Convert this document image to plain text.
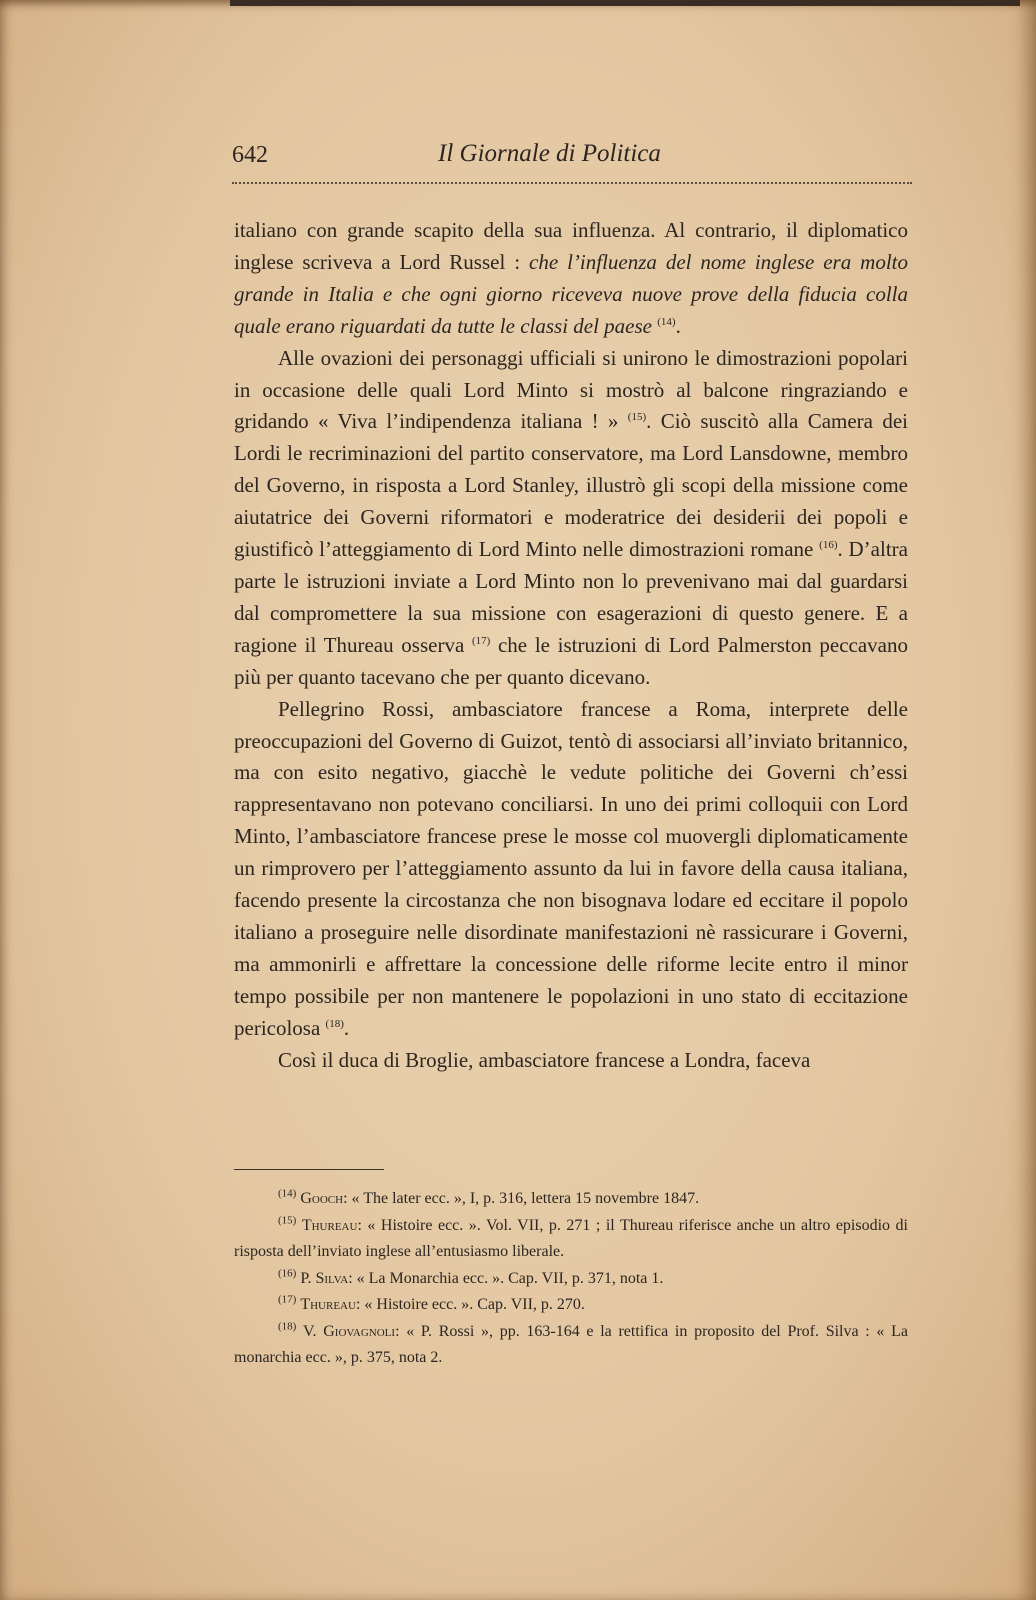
642	Il Giornale di Politica

italiano con grande scapito della sua influenza. Al contrario, il diplomatico inglese scriveva a Lord Russel : che l’influenza del nome inglese era molto grande in Italia e che ogni giorno riceveva nuove prove della fiducia colla quale erano riguardati da tutte le classi del paese $^{(14)}$.

Alle ovazioni dei personaggi ufficiali si unirono le dimostrazioni popolari in occasione delle quali Lord Minto si mostrò al balcone ringraziando e gridando « Viva l’indipendenza italiana ! » $^{(15)}$. Ciò suscitò alla Camera dei Lordi le recriminazioni del partito conservatore, ma Lord Lansdowne, membro del Governo, in risposta a Lord Stanley, illustrò gli scopi della missione come aiutatrice dei Governi riformatori e moderatrice dei desiderii dei popoli e giustificò l’atteggiamento di Lord Minto nelle dimostrazioni romane $^{(16)}$. D’altra parte le istruzioni inviate a Lord Minto non lo prevenivano mai dal guardarsi dal compromettere la sua missione con esagerazioni di questo genere. E a ragione il Thureau osserva $^{(17)}$ che le istruzioni di Lord Palmerston peccavano più per quanto tacevano che per quanto dicevano.

Pellegrino Rossi, ambasciatore francese a Roma, interprete delle preoccupazioni del Governo di Guizot, tentò di associarsi all’inviato britannico, ma con esito negativo, giacchè le vedute politiche dei Governi ch’essi rappresentavano non potevano conciliarsi. In uno dei primi colloquii con Lord Minto, l’ambasciatore francese prese le mosse col muovergli diplomaticamente un rimprovero per l’atteggiamento assunto da lui in favore della causa italiana, facendo presente la circostanza che non bisognava lodare ed eccitare il popolo italiano a proseguire nelle disordinate manifestazioni nè rassicurare i Governi, ma ammonirli e affrettare la concessione delle riforme lecite entro il minor tempo possibile per non mantenere le popolazioni in uno stato di eccitazione pericolosa $^{(18)}$.

Così il duca di Broglie, ambasciatore francese a Londra, faceva

$^{(14)}$ Gooch: « The later ecc. », I, p. 316, lettera 15 novembre 1847.

$^{(15)}$ Thureau: « Histoire ecc. ». Vol. VII, p. 271 ; il Thureau riferisce anche un altro episodio di risposta dell’inviato inglese all’entusiasmo liberale.

$^{(16)}$ P. Silva: « La Monarchia ecc. ». Cap. VII, p. 371, nota 1.

$^{(17)}$ Thureau: « Histoire ecc. ». Cap. VII, p. 270.

$^{(18)}$ V. Giovagnoli: « P. Rossi », pp. 163-164 e la rettifica in proposito del Prof. Silva : « La monarchia ecc. », p. 375, nota 2.
